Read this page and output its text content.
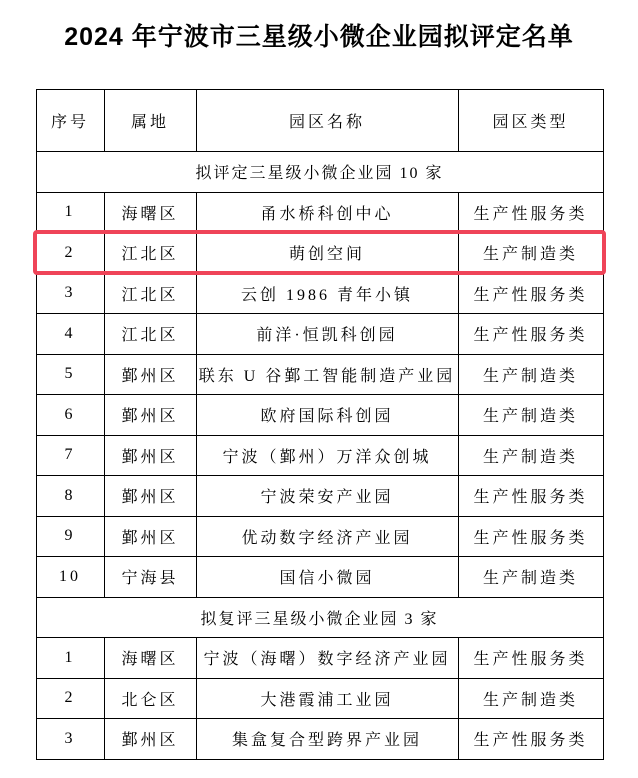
2024 年宁波市三星级小微企业园拟评定名单
序号	属地	园区名称	园区类型
拟评定三星级小微企业园 10 家			
1	海曙区	甬水桥科创中心	生产性服务类
2	江北区	萌创空间	生产制造类
3	江北区	云创 1986 青年小镇	生产性服务类
4	江北区	前洋·恒凯科创园	生产性服务类
5	鄞州区	联东 U 谷鄞工智能制造产业园	生产制造类
6	鄞州区	欧府国际科创园	生产制造类
7	鄞州区	宁波（鄞州）万洋众创城	生产制造类
8	鄞州区	宁波荣安产业园	生产性服务类
9	鄞州区	优动数字经济产业园	生产性服务类
10	宁海县	国信小微园	生产制造类
拟复评三星级小微企业园 3 家			
1	海曙区	宁波（海曙）数字经济产业园	生产性服务类
2	北仑区	大港霞浦工业园	生产制造类
3	鄞州区	集盒复合型跨界产业园	生产性服务类
